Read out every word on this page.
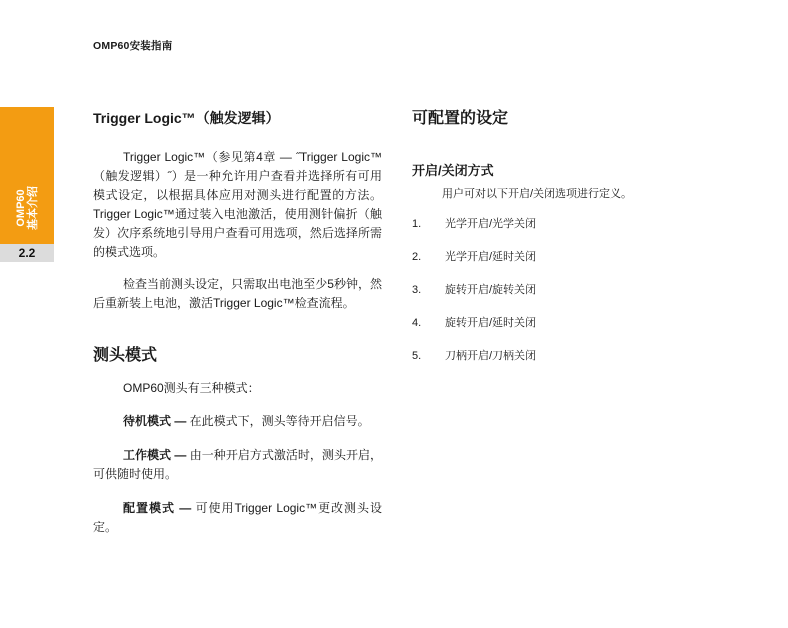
OMP60安装指南
OMP60 基本介绍
2.2
Trigger Logic™（触发逻辑）

Trigger Logic™（参见第4章 — ˝Trigger Logic™（触发逻辑）˝）是一种允许用户查看并选择所有可用模式设定，以根据具体应用对测头进行配置的方法。Trigger Logic™通过装入电池激活，使用测针偏折（触发）次序系统地引导用户查看可用选项，然后选择所需的模式选项。

检查当前测头设定，只需取出电池至少5秒钟，然后重新装上电池，激活Trigger Logic™检查流程。

测头模式

OMP60测头有三种模式：

待机模式 — 在此模式下，测头等待开启信号。

工作模式 — 由一种开启方式激活时，测头开启，可供随时使用。

配置模式 — 可使用Trigger Logic™更改测头设定。

可配置的设定
开启/关闭方式

用户可对以下开启/关闭选项进行定义。

1. 光学开启/光学关闭
2. 光学开启/延时关闭
3. 旋转开启/旋转关闭
4. 旋转开启/延时关闭
5. 刀柄开启/刀柄关闭
